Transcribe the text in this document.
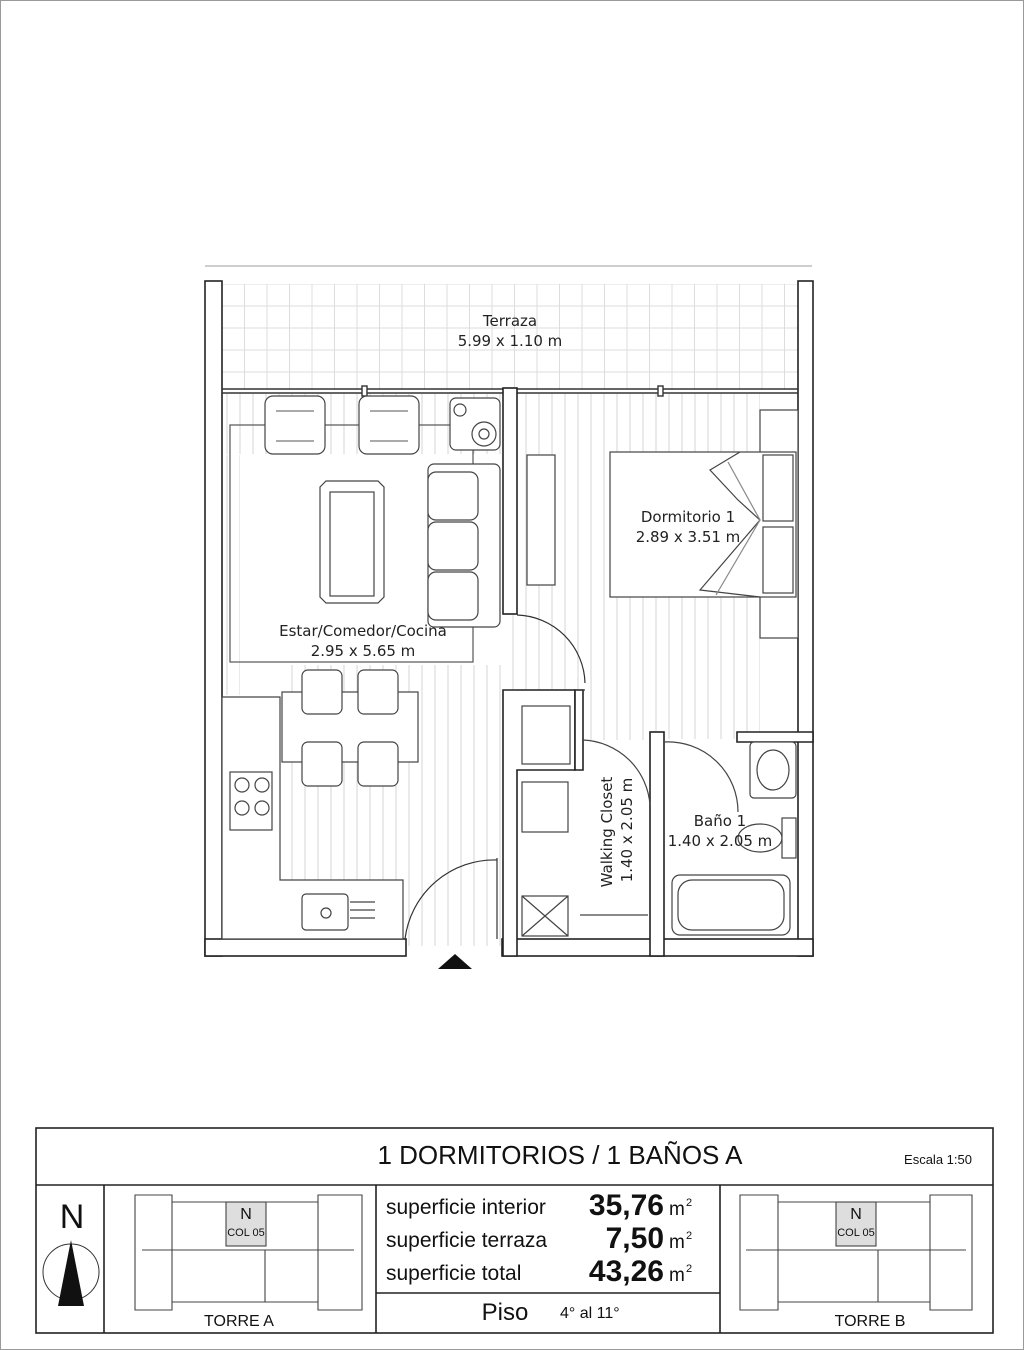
Terraza
5.99 x 1.10 m
Dormitorio 1
2.89 x 3.51 m
Estar/Comedor/Cocina
2.95 x 5.65 m
Walking Closet 1.40 x 2.05 m	Baño 1
1.40 x 2.05 m
1 DORMITORIOS / 1 BAÑOS A	Escala 1:50
N	superficie interior 35,76 m 2
superficie terraza 7,50 m 2
superficie total 43,26 m 2
Piso 4° al 11°
N
COL 05
TORRE A
N
COL 05
TORRE B
